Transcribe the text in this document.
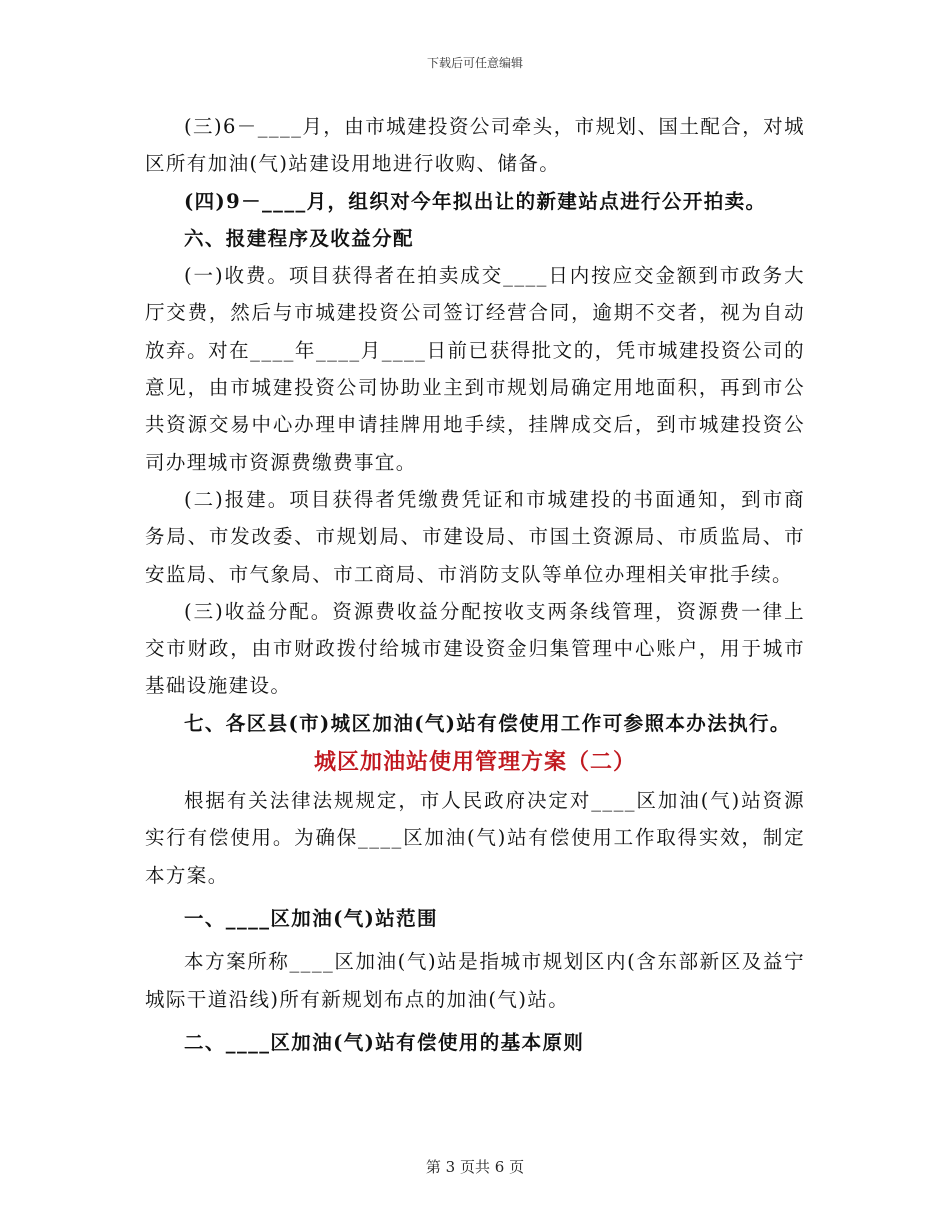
下载后可任意编辑

(三)6－____月，由市城建投资公司牵头，市规划、国土配合，对城区所有加油(气)站建设用地进行收购、储备。

(四)9－____月，组织对今年拟出让的新建站点进行公开拍卖。

六、报建程序及收益分配

(一)收费。项目获得者在拍卖成交____日内按应交金额到市政务大厅交费，然后与市城建投资公司签订经营合同，逾期不交者，视为自动放弃。对在____年____月____日前已获得批文的，凭市城建投资公司的意见，由市城建投资公司协助业主到市规划局确定用地面积，再到市公共资源交易中心办理申请挂牌用地手续，挂牌成交后，到市城建投资公司办理城市资源费缴费事宜。

(二)报建。项目获得者凭缴费凭证和市城建投的书面通知，到市商务局、市发改委、市规划局、市建设局、市国土资源局、市质监局、市安监局、市气象局、市工商局、市消防支队等单位办理相关审批手续。

(三)收益分配。资源费收益分配按收支两条线管理，资源费一律上交市财政，由市财政拨付给城市建设资金归集管理中心账户，用于城市基础设施建设。

七、各区县(市)城区加油(气)站有偿使用工作可参照本办法执行。

城区加油站使用管理方案（二）

根据有关法律法规规定，市人民政府决定对____区加油(气)站资源实行有偿使用。为确保____区加油(气)站有偿使用工作取得实效，制定本方案。

一、____区加油(气)站范围

本方案所称____区加油(气)站是指城市规划区内(含东部新区及益宁城际干道沿线)所有新规划布点的加油(气)站。

二、____区加油(气)站有偿使用的基本原则

第 3 页共 6 页
